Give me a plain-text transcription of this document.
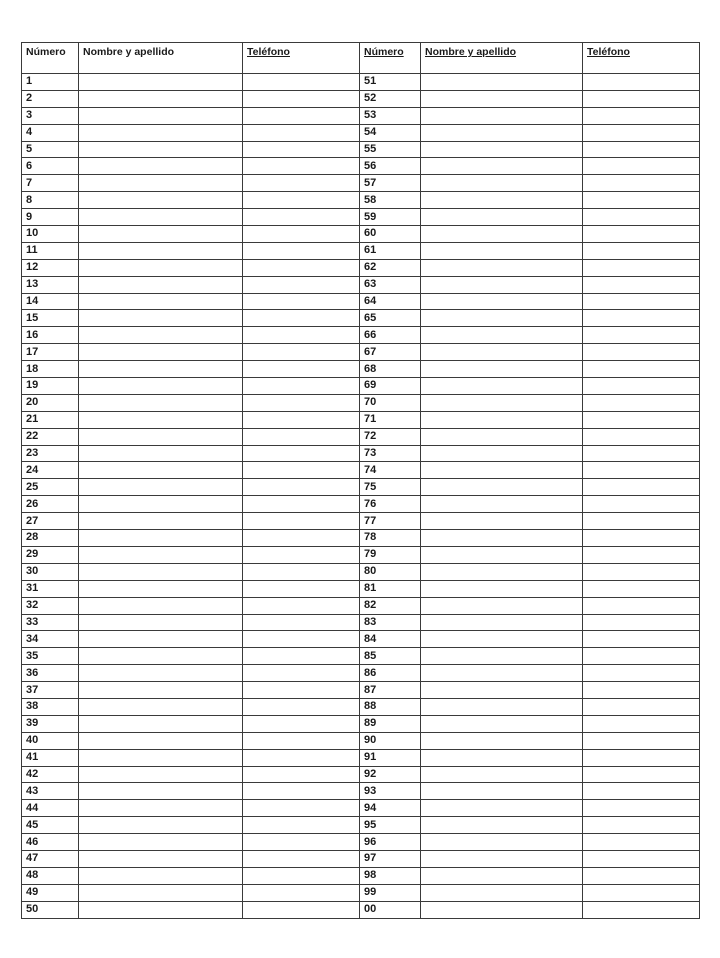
Número	Nombre y apellido	Teléfono	Número	Nombre y apellido	Teléfono
1			51		
2			52		
3			53		
4			54		
5			55		
6			56		
7			57		
8			58		
9			59		
10			60		
11			61		
12			62		
13			63		
14			64		
15			65		
16			66		
17			67		
18			68		
19			69		
20			70		
21			71		
22			72		
23			73		
24			74		
25			75		
26			76		
27			77		
28			78		
29			79		
30			80		
31			81		
32			82		
33			83		
34			84		
35			85		
36			86		
37			87		
38			88		
39			89		
40			90		
41			91		
42			92		
43			93		
44			94		
45			95		
46			96		
47			97		
48			98		
49			99		
50			00		
